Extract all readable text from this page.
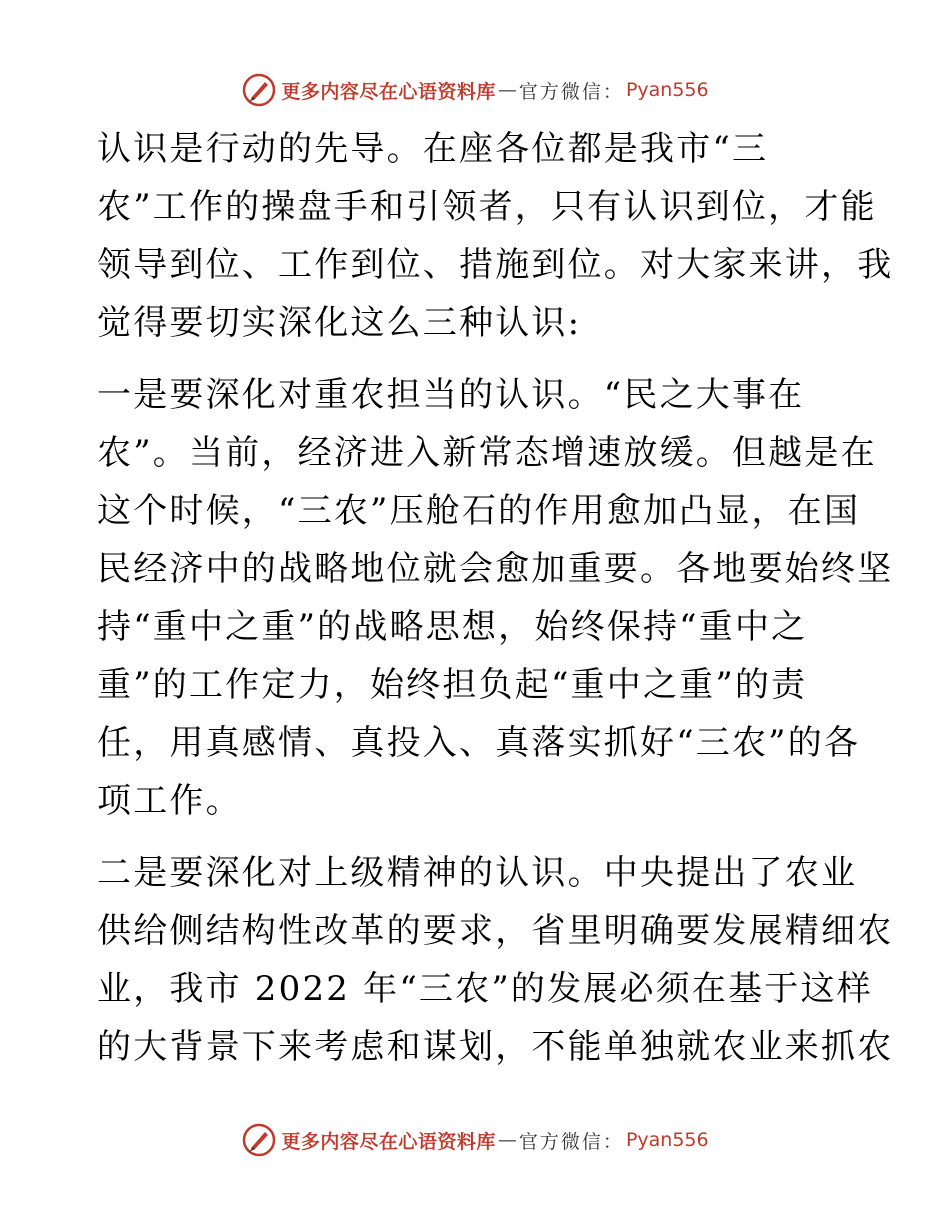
更多内容尽在心语资料库 — 官方微信： Pyan556
认识是行动的先导。在座各位都是我市“三
农”工作的操盘手和引领者，只有认识到位，才能
领导到位、工作到位、措施到位。对大家来讲，我
觉得要切实深化这么三种认识:
一是要深化对重农担当的认识。“民之大事在
农”。当前，经济进入新常态增速放缓。但越是在
这个时候，“三农”压舱石的作用愈加凸显，在国
民经济中的战略地位就会愈加重要。各地要始终坚
持“重中之重”的战略思想，始终保持“重中之
重”的工作定力，始终担负起“重中之重”的责
任，用真感情、真投入、真落实抓好“三农”的各
项工作。
二是要深化对上级精神的认识。中央提出了农业
供给侧结构性改革的要求，省里明确要发展精细农
业，我市 2022 年“三农”的发展必须在基于这样
的大背景下来考虑和谋划，不能单独就农业来抓农
更多内容尽在心语资料库 — 官方微信： Pyan556
